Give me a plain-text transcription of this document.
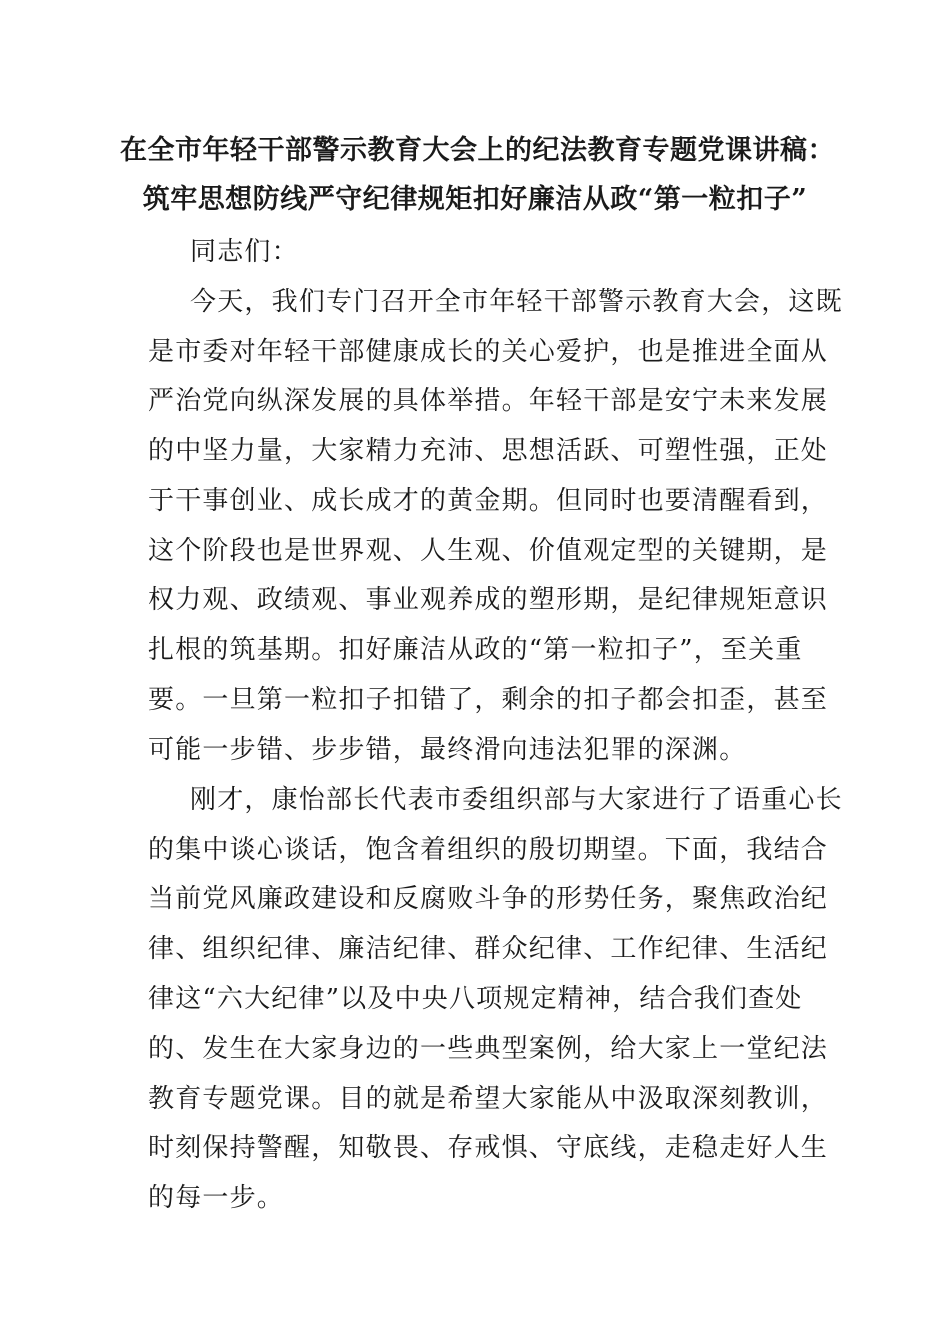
在全市年轻干部警示教育大会上的纪法教育专题党课讲稿：
筑牢思想防线严守纪律规矩扣好廉洁从政“第一粒扣子”
同志们：
今天，我们专门召开全市年轻干部警示教育大会，这既
是市委对年轻干部健康成长的关心爱护，也是推进全面从
严治党向纵深发展的具体举措。年轻干部是安宁未来发展
的中坚力量，大家精力充沛、思想活跃、可塑性强，正处
于干事创业、成长成才的黄金期。但同时也要清醒看到，
这个阶段也是世界观、人生观、价值观定型的关键期，是
权力观、政绩观、事业观养成的塑形期，是纪律规矩意识
扎根的筑基期。扣好廉洁从政的“第一粒扣子”，至关重
要。一旦第一粒扣子扣错了，剩余的扣子都会扣歪，甚至
可能一步错、步步错，最终滑向违法犯罪的深渊。
刚才，康怡部长代表市委组织部与大家进行了语重心长
的集中谈心谈话，饱含着组织的殷切期望。下面，我结合
当前党风廉政建设和反腐败斗争的形势任务，聚焦政治纪
律、组织纪律、廉洁纪律、群众纪律、工作纪律、生活纪
律这“六大纪律”以及中央八项规定精神，结合我们查处
的、发生在大家身边的一些典型案例，给大家上一堂纪法
教育专题党课。目的就是希望大家能从中汲取深刻教训，
时刻保持警醒，知敬畏、存戒惧、守底线，走稳走好人生
的每一步。
